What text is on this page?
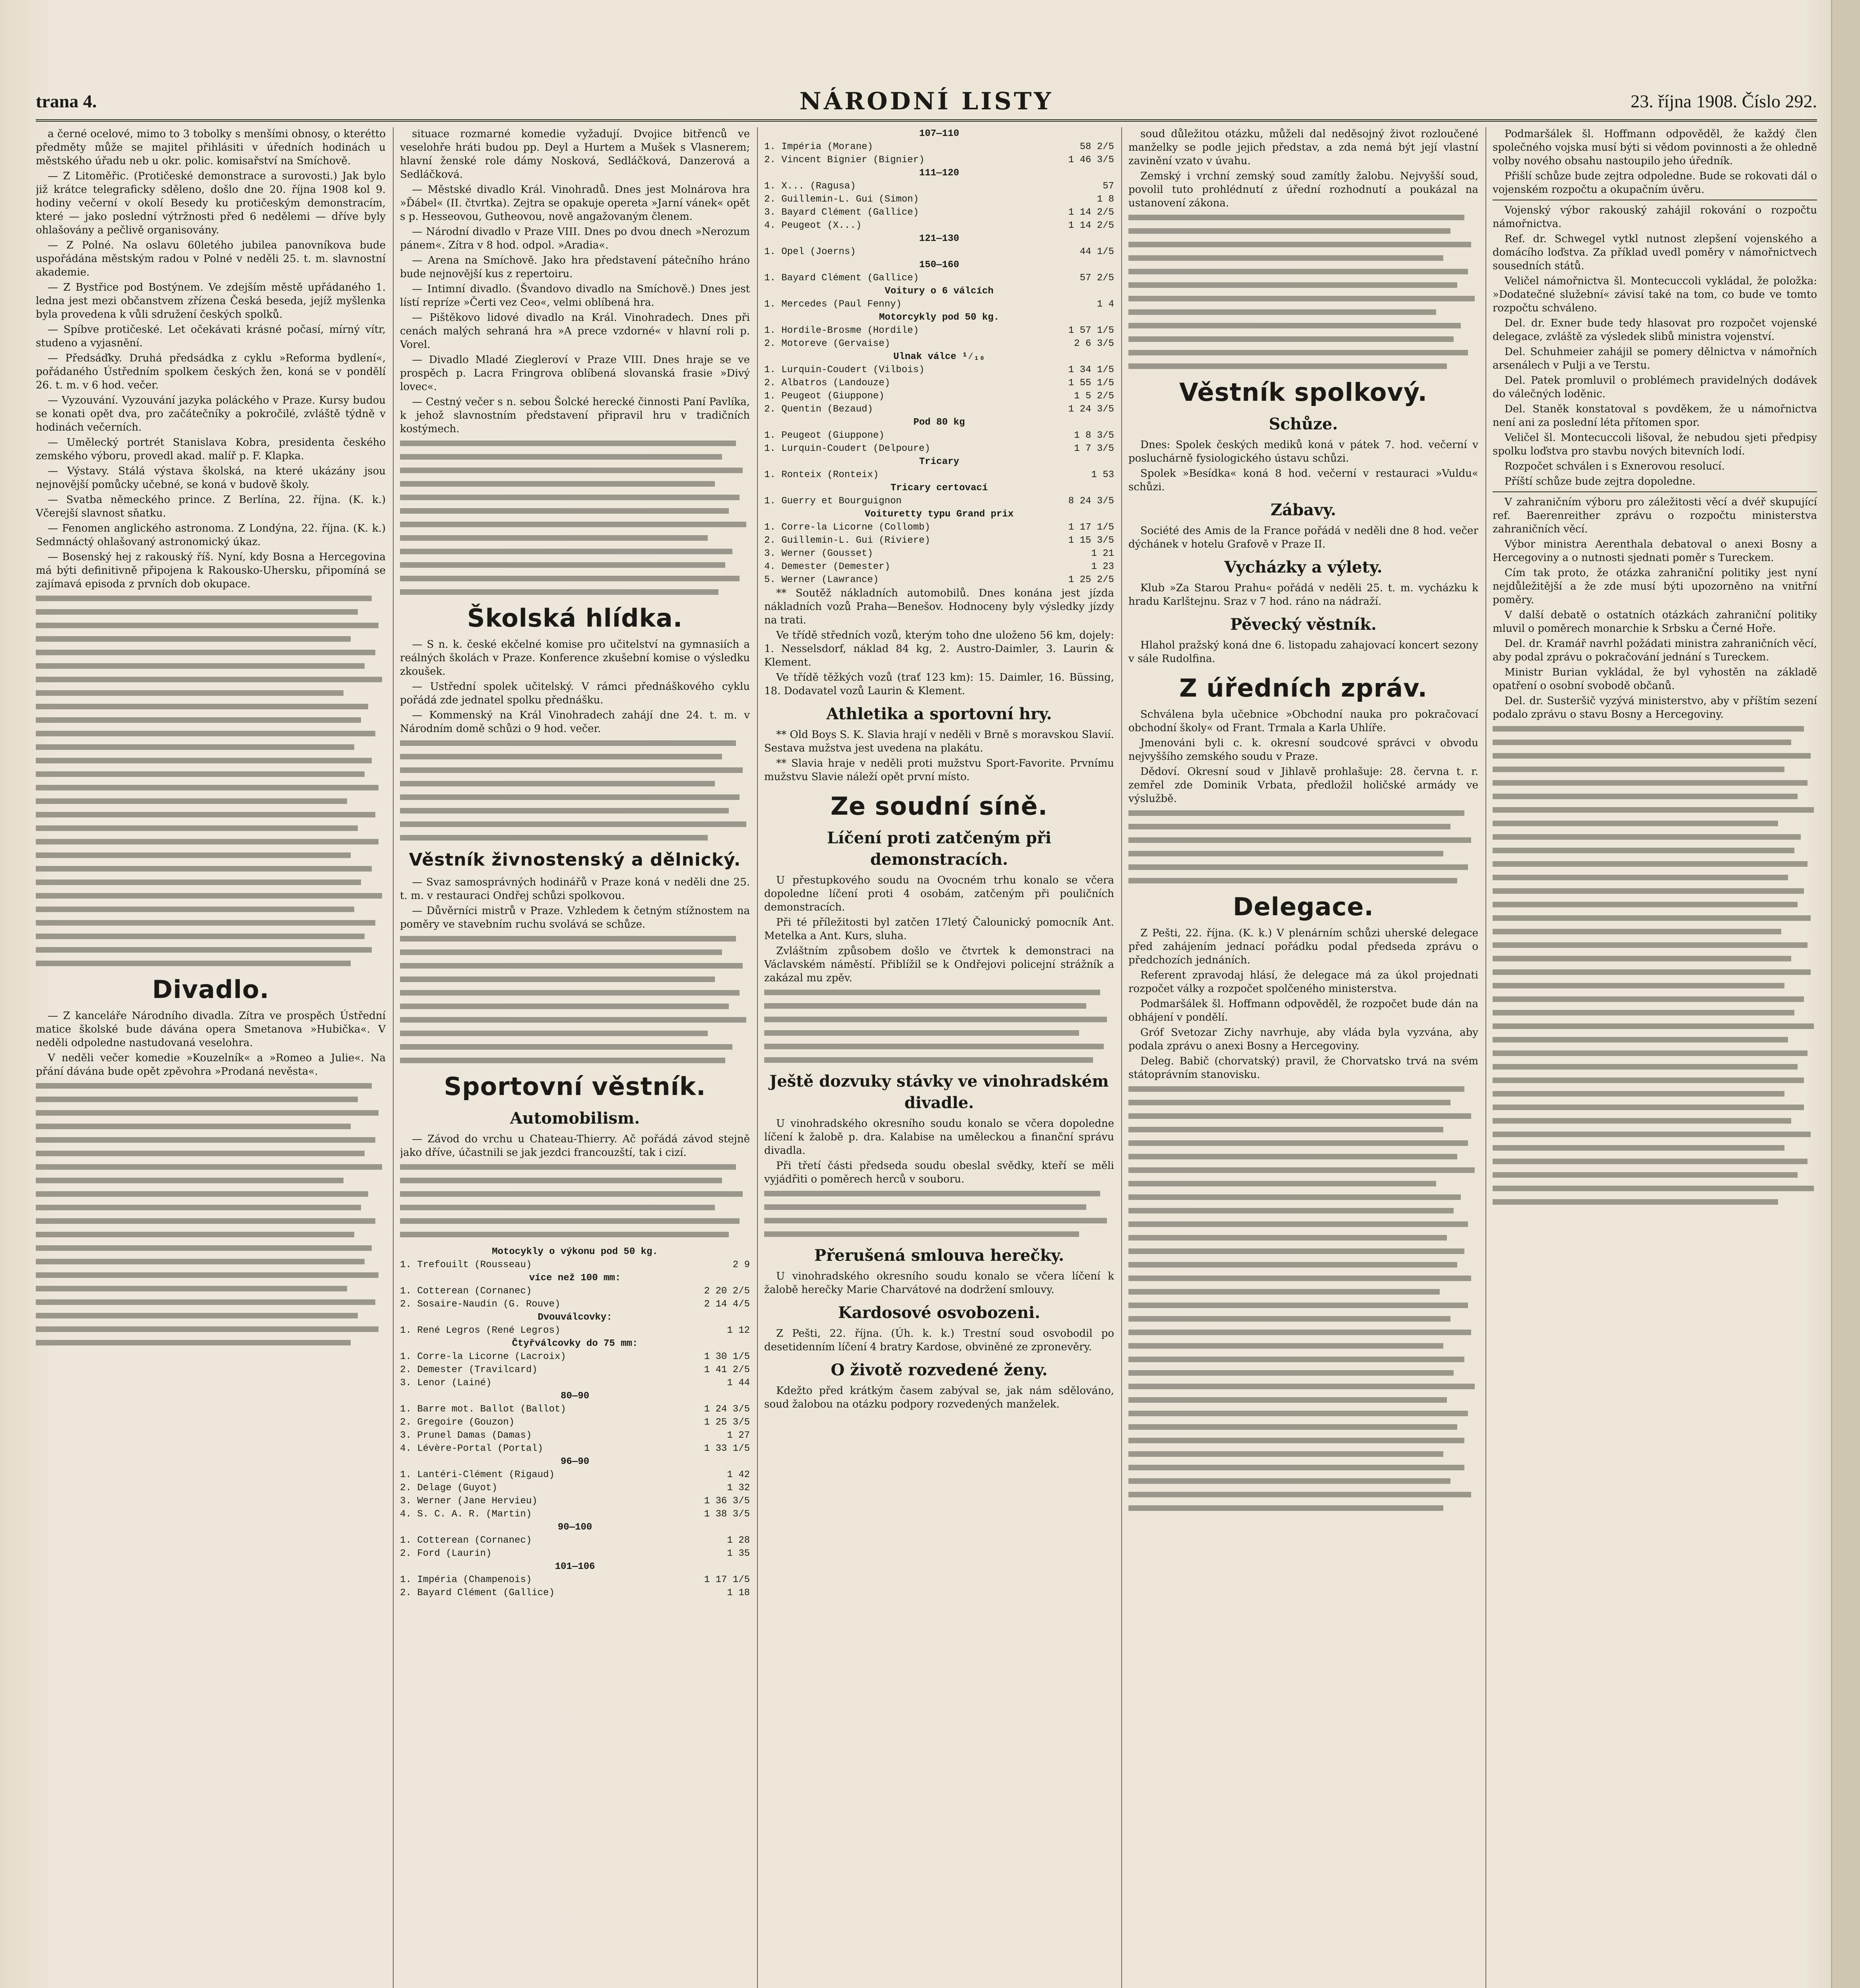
trana 4.	NÁRODNÍ LISTY	23. října 1908. Číslo 292.

a černé ocelové, mimo to 3 tobolky s menšími obnosy, o kterétto předměty může se majitel přihlásiti v úředních hodinách u městského úřadu neb u okr. polic. komisařství na Smíchově.

— Z Litoměřic. (Protičeské demonstrace a surovosti.) Jak bylo již krátce telegraficky sděleno, došlo dne 20. října 1908 kol 9. hodiny večerní v okolí Besedy ku protičeským demonstracím, které — jako poslední výtržnosti před 6 nedělemi — dříve byly ohlašovány a pečlivě organisovány.

— Z Polné. Na oslavu 60letého jubilea panovníkova bude uspořádána městským radou v Polné v neděli 25. t. m. slavnostní akademie.

— Z Bystřice pod Bostýnem. Ve zdejším městě upřádaného 1. ledna jest mezi občanstvem zřízena Česká beseda, jejíž myšlenka byla provedena k vůli sdružení českých spolků.

— Spíbve protičeské. Let očekávati krásné počasí, mírný vítr, studeno a vyjasnění.

— Předsáďky. Druhá předsádka z cyklu »Reforma bydlení«, pořádaného Ústředním spolkem českých žen, koná se v pondělí 26. t. m. v 6 hod. večer.

— Vyzouvání. Vyzouvání jazyka poláckého v Praze. Kursy budou se konati opět dva, pro začátečníky a pokročilé, zvláště týdně v hodinách večerních.

— Umělecký portrét Stanislava Kobra, presidenta českého zemského výboru, provedl akad. malíř p. F. Klapka.

— Výstavy. Stálá výstava školská, na které ukázány jsou nejnovější pomůcky učebné, se koná v budově školy.

— Svatba německého prince. Z Berlína, 22. října. (K. k.) Včerejší slavnost sňatku.

— Fenomen anglického astronoma. Z Londýna, 22. října. (K. k.) Sedmnáctý ohlašovaný astronomický úkaz.

— Bosenský hej z rakouský říš. Nyní, kdy Bosna a Hercegovina má býti definitivně připojena k Rakousko-Uhersku, připomíná se zajímavá episoda z prvních dob okupace.

Divadlo.

— Z kanceláře Národního divadla. Zítra ve prospěch Ústřední matice školské bude dávána opera Smetanova »Hubička«. V neděli odpoledne nastudovaná veselohra.

V neděli večer komedie »Kouzelník« a »Romeo a Julie«. Na přání dávána bude opět zpěvohra »Prodaná nevěsta«.

situace rozmarné komedie vyžadují. Dvojice bitřenců ve veselohře hráti budou pp. Deyl a Hurtem a Mušek s Vlasnerem; hlavní ženské role dámy Nosková, Sedláčková, Danzerová a Sedláčková.

— Městské divadlo Král. Vinohradů. Dnes jest Molnárova hra »Ďábel« (II. čtvrtka). Zejtra se opakuje opereta »Jarní vánek« opět s p. Hesseovou, Gutheovou, nově angažovaným členem.

— Národní divadlo v Praze VIII. Dnes po dvou dnech »Nerozum pánem«. Zítra v 8 hod. odpol. »Aradia«.

— Arena na Smíchově. Jako hra představení pátečního hráno bude nejnovější kus z repertoiru.

— Intimní divadlo. (Švandovo divadlo na Smíchově.) Dnes jest lístí repríze »Čerti vez Ceo«, velmi oblíbená hra.

— Pištěkovo lidové divadlo na Král. Vinohradech. Dnes při cenách malých sehraná hra »A prece vzdorné« v hlavní roli p. Vorel.

— Divadlo Mladé Ziegleroví v Praze VIII. Dnes hraje se ve prospěch p. Lacra Fringrova oblíbená slovanská frasie »Divý lovec«.

— Cestný večer s n. sebou Šolcké herecké činnosti Paní Pavlíka, k jehož slavnostním představení připravil hru v tradičních kostýmech.

Školská hlídka.

— S n. k. české ekčelné komise pro učitelství na gymnasiích a reálných školách v Praze. Konference zkušební komise o výsledku zkoušek.

— Ustřední spolek učitelský. V rámci přednáškového cyklu pořádá zde jednatel spolku přednášku.

— Kommenský na Král Vinohradech zahájí dne 24. t. m. v Národním domě schůzi o 9 hod. večer.

Věstník živnostenský a dělnický.

— Svaz samosprávných hodinářů v Praze koná v neděli dne 25. t. m. v restauraci Ondřej schůzi spolkovou.

— Důvěrníci mistrů v Praze. Vzhledem k četným stížnostem na poměry ve stavebním ruchu svolává se schůze.

Sportovní věstník.
Automobilism.

— Závod do vrchu u Chateau-Thierry. Ač pořádá závod stejně jako dříve, účastnili se jak jezdci francouzští, tak i cizí.

Motocykly o výkonu pod 50 kg.
1. Trefouilt (Rousseau)	2 9
více než 100 mm:
1. Cotterean (Cornanec)	2 20 2/5
2. Sosaire-Naudin (G. Rouve)	2 14 4/5
Dvouválcovky:
1. René Legros (René Legros)	1 12
Čtyřválcovky do 75 mm:
1. Corre-la Licorne (Lacroix)	1 30 1/5
2. Demester (Travilcard)	1 41 2/5
3. Lenor (Lainé)	1 44
80—90
1. Barre mot. Ballot (Ballot)	1 24 3/5
2. Gregoire (Gouzon)	1 25 3/5
3. Prunel Damas (Damas)	1 27
4. Lévère-Portal (Portal)	1 33 1/5
96—90
1. Lantéri-Clément (Rigaud)	1 42
2. Delage (Guyot)	1 32
3. Werner (Jane Hervieu)	1 36 3/5
4. S. C. A. R. (Martin)	1 38 3/5
90—100
1. Cotterean (Cornanec)	1 28
2. Ford (Laurin)	1 35
101—106
1. Impéria (Champenois)	1 17 1/5
2. Bayard Clément (Gallice)	1 18
107—110
1. Impéria (Morane)	58 2/5
2. Vincent Bignier (Bignier)	1 46 3/5
111—120
1. X... (Ragusa)	57
2. Guillemin-L. Gui (Simon)	1 8
3. Bayard Clément (Gallice)	1 14 2/5
4. Peugeot (X...)	1 14 2/5
121—130
1. Opel (Joerns)	44 1/5
150—160
1. Bayard Clément (Gallice)	57 2/5
Voitury o 6 válcích
1. Mercedes (Paul Fenny)	1 4
Motorcykly pod 50 kg.
1. Hordile-Brosme (Hordile)	1 57 1/5
2. Motoreve (Gervaise)	2 6 3/5
Ulnak válce ¹⁄₁₀
1. Lurquin-Coudert (Vilbois)	1 34 1/5
2. Albatros (Landouze)	1 55 1/5
1. Peugeot (Giuppone)	1 5 2/5
2. Quentin (Bezaud)	1 24 3/5
Pod 80 kg
1. Peugeot (Giuppone)	1 8 3/5
1. Lurquin-Coudert (Delpoure)	1 7 3/5
Tricary
1. Ronteix (Ronteix)	1 53
Tricary certovací
1. Guerry et Bourguignon	8 24 3/5
Voituretty typu Grand prix
1. Corre-la Licorne (Collomb)	1 17 1/5
2. Guillemin-L. Gui (Riviere)	1 15 3/5
3. Werner (Gousset)	1 21
4. Demester (Demester)	1 23
5. Werner (Lawrance)	1 25 2/5

** Soutěž nákladních automobilů. Dnes konána jest jízda nákladních vozů Praha—Benešov. Hodnoceny byly výsledky jízdy na trati.

Ve třídě středních vozů, kterým toho dne uloženo 56 km, dojely: 1. Nesselsdorf, náklad 84 kg, 2. Austro-Daimler, 3. Laurin & Klement.

Ve třídě těžkých vozů (trať 123 km): 15. Daimler, 16. Büssing, 18. Dodavatel vozů Laurin & Klement.

Athletika a sportovní hry.

** Old Boys S. K. Slavia hrají v neděli v Brně s moravskou Slavií. Sestava mužstva jest uvedena na plakátu.

** Slavia hraje v neděli proti mužstvu Sport-Favorite. Prvnímu mužstvu Slavie náleží opět první místo.

Ze soudní síně.
Líčení proti zatčeným při demonstracích.

U přestupkového soudu na Ovocném trhu konalo se včera dopoledne líčení proti 4 osobám, zatčeným při pouličních demonstracích.

Při té příležitosti byl zatčen 17letý Čalounický pomocník Ant. Metelka a Ant. Kurs, sluha.

Zvláštním způsobem došlo ve čtvrtek k demonstraci na Václavském náměstí. Přiblížil se k Ondřejovi policejní strážník a zakázal mu zpěv.

Ještě dozvuky stávky ve vinohradském divadle.

U vinohradského okresního soudu konalo se včera dopoledne líčení k žalobě p. dra. Kalabise na uměleckou a finanční správu divadla.

Při třetí části předseda soudu obeslal svědky, kteří se měli vyjádřiti o poměrech herců v souboru.

Přerušená smlouva herečky.

U vinohradského okresního soudu konalo se včera líčení k žalobě herečky Marie Charvátové na dodržení smlouvy.

Kardosové osvobozeni.

Z Pešti, 22. října. (Úh. k. k.) Trestní soud osvobodil po desetidenním líčení 4 bratry Kardose, obviněné ze zpronevěry.

O životě rozvedené ženy.

Kdežto před krátkým časem zabýval se, jak nám sdělováno, soud žalobou na otázku podpory rozvedených manželek.

soud důležitou otázku, můželi dal neděsojný život rozloučené manželky se podle jejich představ, a zda nemá být její vlastní zavinění vzato v úvahu.

Zemský i vrchní zemský soud zamítly žalobu. Nejvyšší soud, povolil tuto prohlédnutí z úřední rozhodnutí a poukázal na ustanovení zákona.

Věstník spolkový.
Schůze.

Dnes: Spolek českých mediků koná v pátek 7. hod. večerní v posluchárně fysiologického ústavu schůzi.

Spolek »Besídka« koná 8 hod. večerní v restauraci »Vuldu« schůzi.

Zábavy.

Société des Amis de la France pořádá v neděli dne 8 hod. večer dýchánek v hotelu Grafově v Praze II.

Vycházky a výlety.

Klub »Za Starou Prahu« pořádá v neděli 25. t. m. vycházku k hradu Karlštejnu. Sraz v 7 hod. ráno na nádraží.

Pěvecký věstník.

Hlahol pražský koná dne 6. listopadu zahajovací koncert sezony v sále Rudolfina.

Z úředních zpráv.

Schválena byla učebnice »Obchodní nauka pro pokračovací obchodní školy« od Frant. Trmala a Karla Uhlíře.

Jmenováni byli c. k. okresní soudcové správci v obvodu nejvyššího zemského soudu v Praze.

Dědoví. Okresní soud v Jihlavě prohlašuje: 28. června t. r. zemřel zde Dominik Vrbata, předložil holičské armády ve výslužbě.

Delegace.

Z Pešti, 22. října. (K. k.) V plenárním schůzi uherské delegace před zahájením jednací pořádku podal předseda zprávu o předchozích jednáních.

Referent zpravodaj hlásí, že delegace má za úkol projednati rozpočet války a rozpočet spolčeného ministerstva.

Podmaršálek šl. Hoffmann odpověděl, že rozpočet bude dán na obhájení v pondělí.

Gróf Svetozar Zichy navrhuje, aby vláda byla vyzvána, aby podala zprávu o anexi Bosny a Hercegoviny.

Deleg. Babič (chorvatský) pravil, že Chorvatsko trvá na svém státoprávním stanovisku.

Podmaršálek šl. Hoffmann odpověděl, že každý člen společného vojska musí býti si vědom povinnosti a že ohledně volby nového obsahu nastoupilo jeho úředník.

Přišlí schůze bude zejtra odpoledne. Bude se rokovati dál o vojenském rozpočtu a okupačním úvěru.

Vojenský výbor rakouský zahájil rokování o rozpočtu námořnictva.

Ref. dr. Schwegel vytkl nutnost zlepšení vojenského a domácího loďstva. Za příklad uvedl poměry v námořnictvech sousedních států.

Veličel námořnictva šl. Montecuccoli vykládal, že položka: »Dodatečné služební« závisí také na tom, co bude ve tomto rozpočtu schváleno.

Del. dr. Exner bude tedy hlasovat pro rozpočet vojenské delegace, zvláště za výsledek slibů ministra vojenství.

Del. Schuhmeier zahájil se pomery dělnictva v námořních arsenálech v Pulji a ve Terstu.

Del. Patek promluvil o problémech pravidelných dodávek do válečných loděnic.

Del. Staněk konstatoval s povděkem, že u námořnictva není ani za poslední léta přítomen spor.

Veličel šl. Montecuccoli lišoval, že nebudou sjeti předpisy spolku loďstva pro stavbu nových bitevních lodí.

Rozpočet schválen i s Exnerovou resolucí.

Příští schůze bude zejtra dopoledne.

V zahraničním výboru pro záležitosti věcí a dvéř skupující ref. Baerenreither zprávu o rozpočtu ministerstva zahraničních věcí.

Výbor ministra Aerenthala debatoval o anexi Bosny a Hercegoviny a o nutnosti sjednati poměr s Tureckem.

Cím tak proto, že otázka zahraniční politiky jest nyní nejdůležitější a že zde musí býti upozorněno na vnitřní poměry.

V další debatě o ostatních otázkách zahraniční politiky mluvil o poměrech monarchie k Srbsku a Černé Hoře.

Del. dr. Kramář navrhl požádati ministra zahraničních věcí, aby podal zprávu o pokračování jednání s Tureckem.

Ministr Burian vykládal, že byl vyhostěn na základě opatření o osobní svobodě občanů.

Del. dr. Susteršič vyzývá ministerstvo, aby v příštím sezení podalo zprávu o stavu Bosny a Hercegoviny.
